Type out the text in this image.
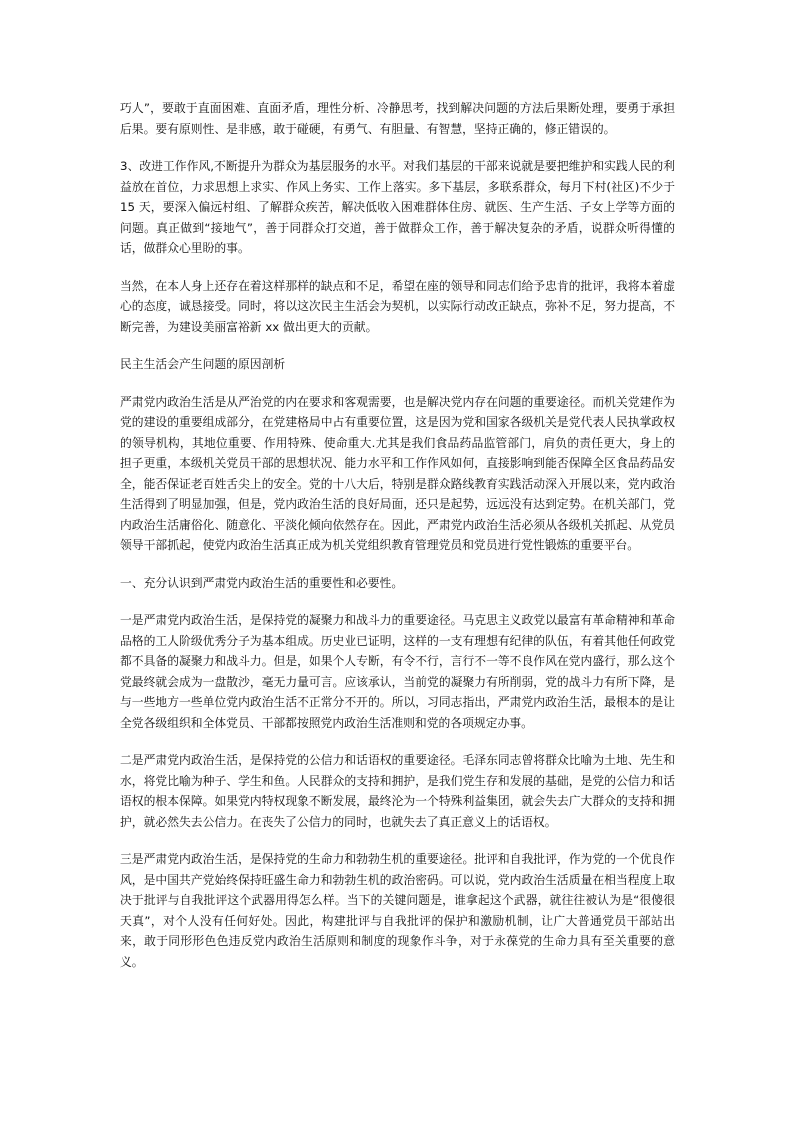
巧人”，要敢于直面困难、直面矛盾，理性分析、冷静思考，找到解决问题的方法后果断处理，要勇于承担后果。要有原则性、是非感，敢于碰硬，有勇气、有胆量、有智慧，坚持正确的，修正错误的。

3、改进工作作风,不断提升为群众为基层服务的水平。对我们基层的干部来说就是要把维护和实践人民的利益放在首位，力求思想上求实、作风上务实、工作上落实。多下基层，多联系群众，每月下村(社区)不少于 15 天，要深入偏远村组、了解群众疾苦，解决低收入困难群体住房、就医、生产生活、子女上学等方面的问题。真正做到“接地气”，善于同群众打交道，善于做群众工作，善于解决复杂的矛盾，说群众听得懂的话，做群众心里盼的事。

当然，在本人身上还存在着这样那样的缺点和不足，希望在座的领导和同志们给予忠肯的批评，我将本着虚心的态度，诚恳接受。同时，将以这次民主生活会为契机，以实际行动改正缺点，弥补不足，努力提高，不断完善，为建设美丽富裕新 xx 做出更大的贡献。

民主生活会产生问题的原因剖析

严肃党内政治生活是从严治党的内在要求和客观需要，也是解决党内存在问题的重要途径。而机关党建作为党的建设的重要组成部分，在党建格局中占有重要位置，这是因为党和国家各级机关是党代表人民执掌政权的领导机构，其地位重要、作用特殊、使命重大.尤其是我们食品药品监管部门，肩负的责任更大，身上的担子更重，本级机关党员干部的思想状况、能力水平和工作作风如何，直接影响到能否保障全区食品药品安全，能否保证老百姓舌尖上的安全。党的十八大后，特别是群众路线教育实践活动深入开展以来，党内政治生活得到了明显加强，但是，党内政治生活的良好局面，还只是起势，远远没有达到定势。在机关部门，党内政治生活庸俗化、随意化、平淡化倾向依然存在。因此，严肃党内政治生活必须从各级机关抓起、从党员领导干部抓起，使党内政治生活真正成为机关党组织教育管理党员和党员进行党性锻炼的重要平台。

一、充分认识到严肃党内政治生活的重要性和必要性。

一是严肃党内政治生活，是保持党的凝聚力和战斗力的重要途径。马克思主义政党以最富有革命精神和革命品格的工人阶级优秀分子为基本组成。历史业已证明，这样的一支有理想有纪律的队伍，有着其他任何政党都不具备的凝聚力和战斗力。但是，如果个人专断，有令不行，言行不一等不良作风在党内盛行，那么这个党最终就会成为一盘散沙，毫无力量可言。应该承认，当前党的凝聚力有所削弱，党的战斗力有所下降，是与一些地方一些单位党内政治生活不正常分不开的。所以，习同志指出，严肃党内政治生活，最根本的是让全党各级组织和全体党员、干部都按照党内政治生活准则和党的各项规定办事。

二是严肃党内政治生活，是保持党的公信力和话语权的重要途径。毛泽东同志曾将群众比喻为土地、先生和水，将党比喻为种子、学生和鱼。人民群众的支持和拥护，是我们党生存和发展的基础，是党的公信力和话语权的根本保障。如果党内特权现象不断发展，最终沦为一个特殊利益集团，就会失去广大群众的支持和拥护，就必然失去公信力。在丧失了公信力的同时，也就失去了真正意义上的话语权。

三是严肃党内政治生活，是保持党的生命力和勃勃生机的重要途径。批评和自我批评，作为党的一个优良作风，是中国共产党始终保持旺盛生命力和勃勃生机的政治密码。可以说，党内政治生活质量在相当程度上取决于批评与自我批评这个武器用得怎么样。当下的关键问题是，谁拿起这个武器，就往往被认为是“很傻很天真”，对个人没有任何好处。因此，构建批评与自我批评的保护和激励机制，让广大普通党员干部站出来，敢于同形形色色违反党内政治生活原则和制度的现象作斗争，对于永葆党的生命力具有至关重要的意义。
